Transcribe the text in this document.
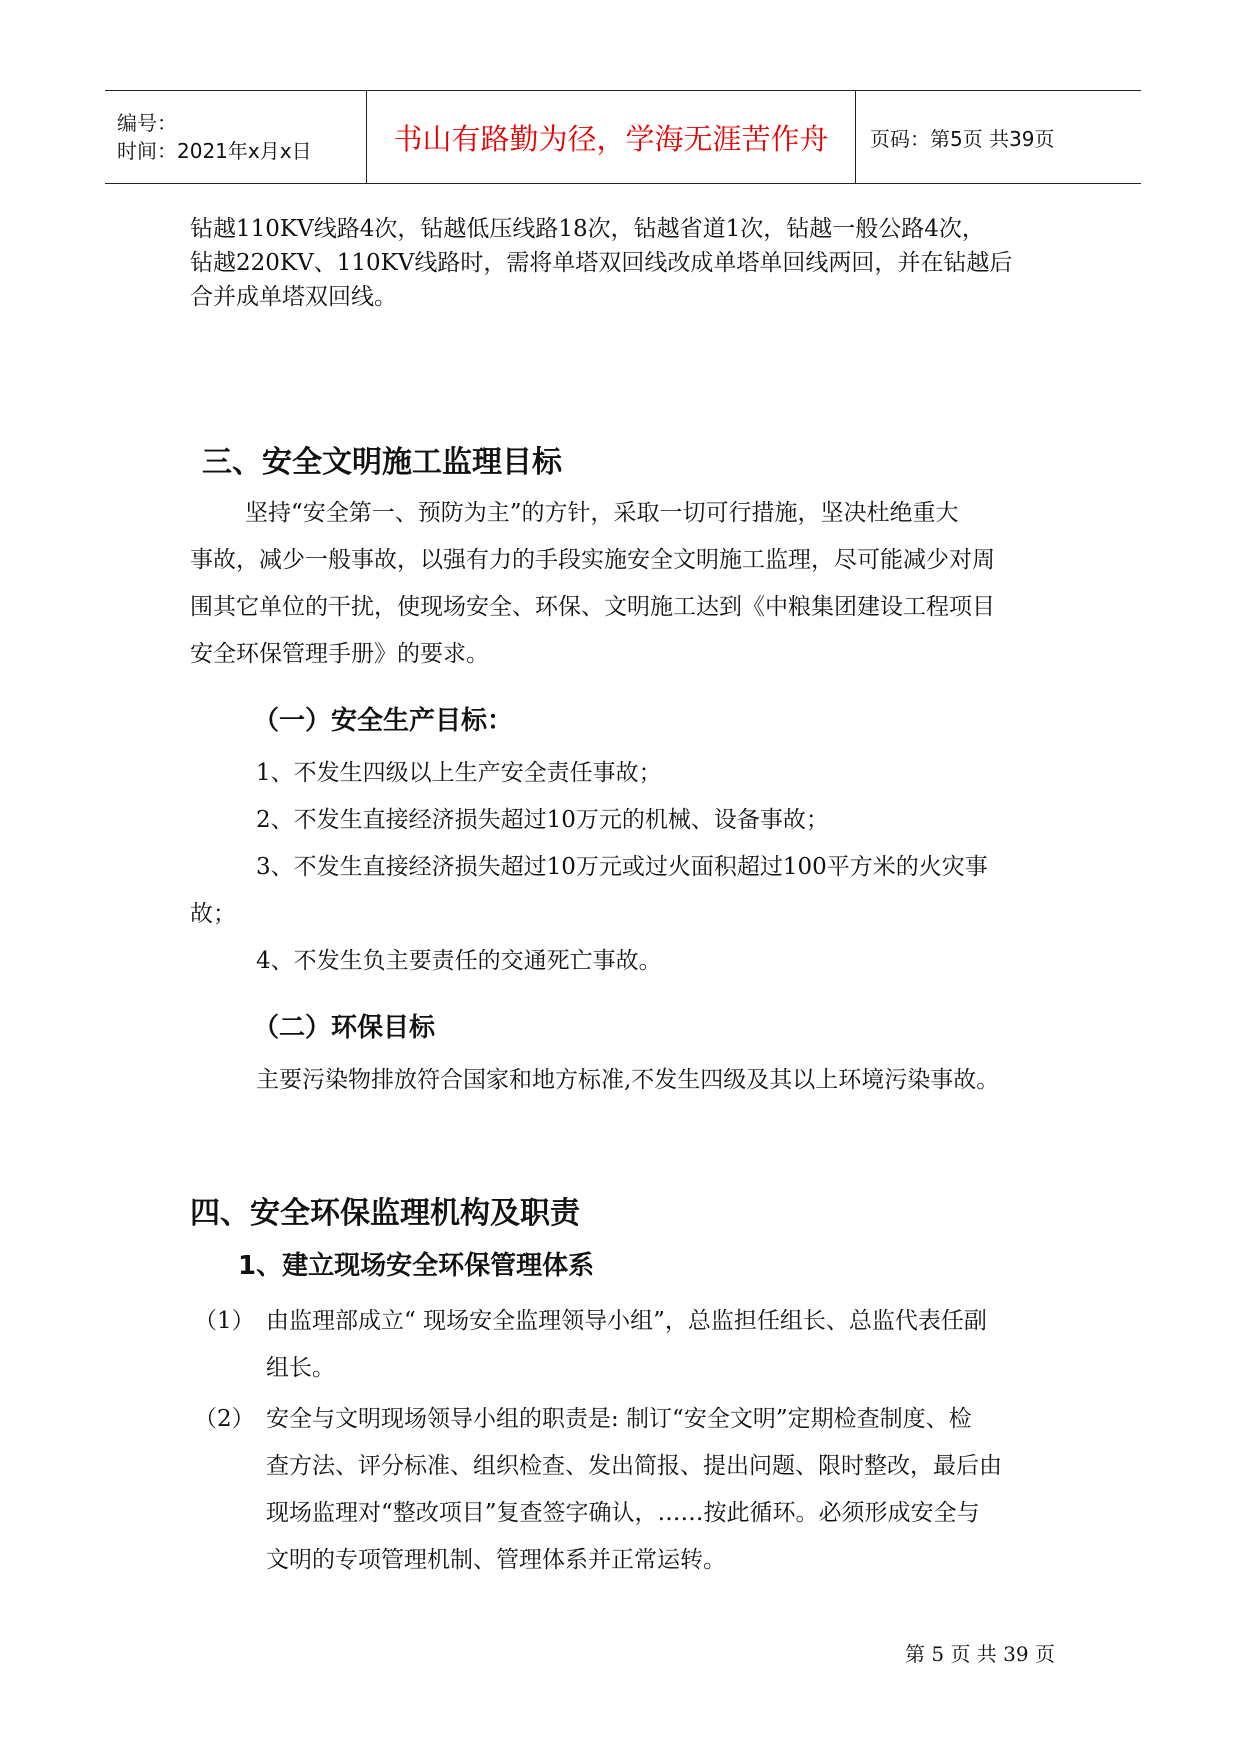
编号：
时间：2021年x月x日	书山有路勤为径，学海无涯苦作舟	页码：第5页 共39页
钻越110KV线路4次，钻越低压线路18次，钻越省道1次，钻越一般公路4次，
钻越220KV、110KV线路时，需将单塔双回线改成单塔单回线两回，并在钻越后
合并成单塔双回线。
三、安全文明施工监理目标
坚持“安全第一、预防为主”的方针，采取一切可行措施，坚决杜绝重大
事故，减少一般事故，以强有力的手段实施安全文明施工监理，尽可能减少对周
围其它单位的干扰，使现场安全、环保、文明施工达到《中粮集团建设工程项目
安全环保管理手册》的要求。
（一）安全生产目标：
1、不发生四级以上生产安全责任事故；
2、不发生直接经济损失超过10万元的机械、设备事故；
3、不发生直接经济损失超过10万元或过火面积超过100平方米的火灾事
故；
4、不发生负主要责任的交通死亡事故。
（二）环保目标
主要污染物排放符合国家和地方标准,不发生四级及其以上环境污染事故。
四、安全环保监理机构及职责
1、建立现场安全环保管理体系
（1） 由监理部成立“ 现场安全监理领导小组”，总监担任组长、总监代表任副
组长。
（2） 安全与文明现场领导小组的职责是: 制订“安全文明”定期检查制度、检
查方法、评分标准、组织检查、发出简报、提出问题、限时整改，最后由
现场监理对“整改项目”复查签字确认，……按此循环。必须形成安全与
文明的专项管理机制、管理体系并正常运转。
第 5 页 共 39 页
